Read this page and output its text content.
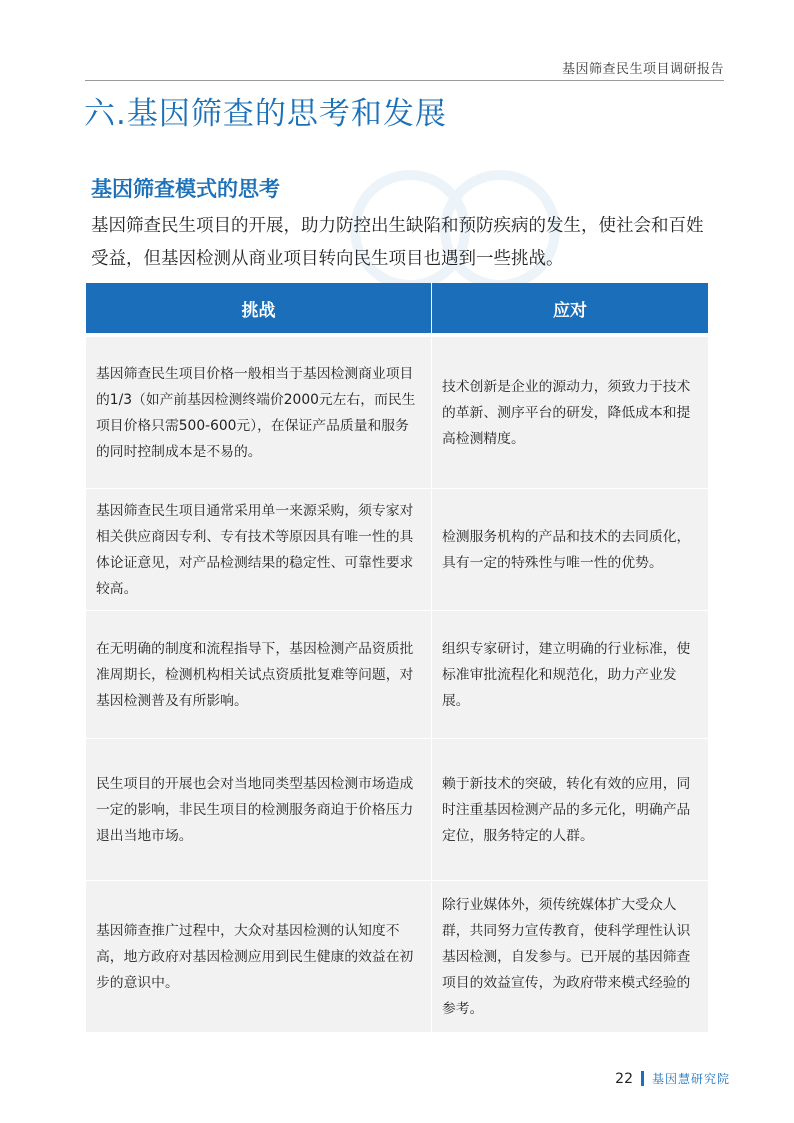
基因筛查民生项目调研报告
六.基因筛查的思考和发展
基因筛查模式的思考

基因筛查民生项目的开展，助力防控出生缺陷和预防疾病的发生，使社会和百姓受益，但基因检测从商业项目转向民生项目也遇到一些挑战。

挑战	应对

基因筛查民生项目价格一般相当于基因检测商业项目的1/3（如产前基因检测终端价2000元左右，而民生项目价格只需500-600元），在保证产品质量和服务的同时控制成本是不易的。	技术创新是企业的源动力，须致力于技术的革新、测序平台的研发，降低成本和提高检测精度。
基因筛查民生项目通常采用单一来源采购，须专家对相关供应商因专利、专有技术等原因具有唯一性的具体论证意见，对产品检测结果的稳定性、可靠性要求较高。	检测服务机构的产品和技术的去同质化，具有一定的特殊性与唯一性的优势。
在无明确的制度和流程指导下，基因检测产品资质批准周期长，检测机构相关试点资质批复难等问题，对基因检测普及有所影响。	组织专家研讨，建立明确的行业标准，使标准审批流程化和规范化，助力产业发展。
民生项目的开展也会对当地同类型基因检测市场造成一定的影响，非民生项目的检测服务商迫于价格压力退出当地市场。	赖于新技术的突破，转化有效的应用，同时注重基因检测产品的多元化，明确产品定位，服务特定的人群。
基因筛查推广过程中，大众对基因检测的认知度不高，地方政府对基因检测应用到民生健康的效益在初步的意识中。	除行业媒体外，须传统媒体扩大受众人群，共同努力宣传教育，使科学理性认识基因检测，自发参与。已开展的基因筛查项目的效益宣传，为政府带来模式经验的参考。
22 基因慧研究院
